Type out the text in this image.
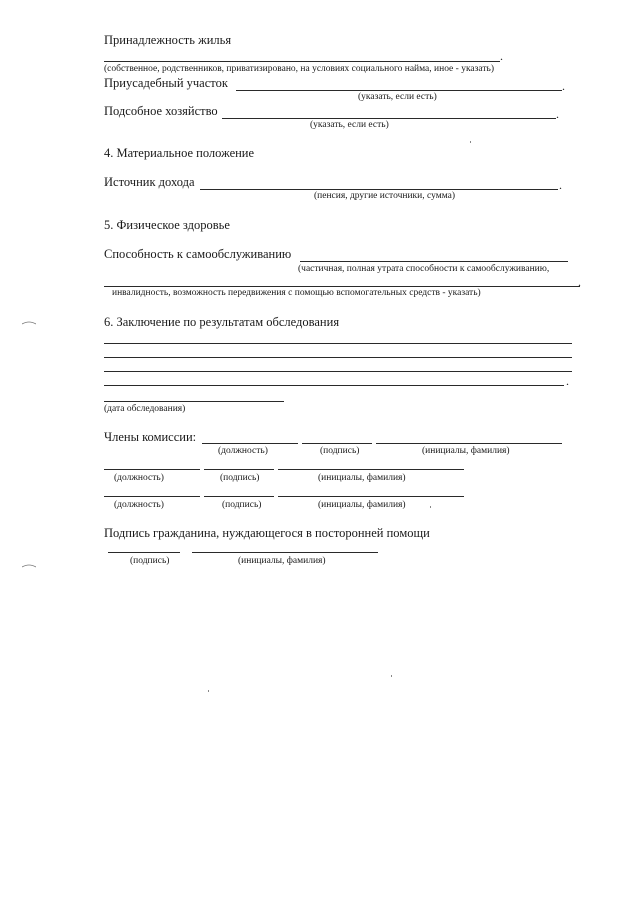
Принадлежность жилья
.
(собственное, родственников, приватизировано, на условиях социального найма, иное - указать)
Приусадебный участок	.
(указать, если есть)
Подсобное хозяйство	.
(указать, если есть)
4. Материальное положение
Источник дохода	.
(пенсия, другие источники, сумма)
5. Физическое здоровье
Способность к самообслуживанию
(частичная, полная утрата способности к самообслуживанию,
.
инвалидность, возможность передвижения с помощью вспомогательных средств - указать)
6. Заключение по результатам обследования
.
(дата обследования)
Члены комиссии:
(должность)	(подпись)	(инициалы, фамилия)
(должность)	(подпись)	(инициалы, фамилия)
(должность)	(подпись)	(инициалы, фамилия)
Подпись гражданина, нуждающегося в посторонней помощи
(подпись)	(инициалы, фамилия)
